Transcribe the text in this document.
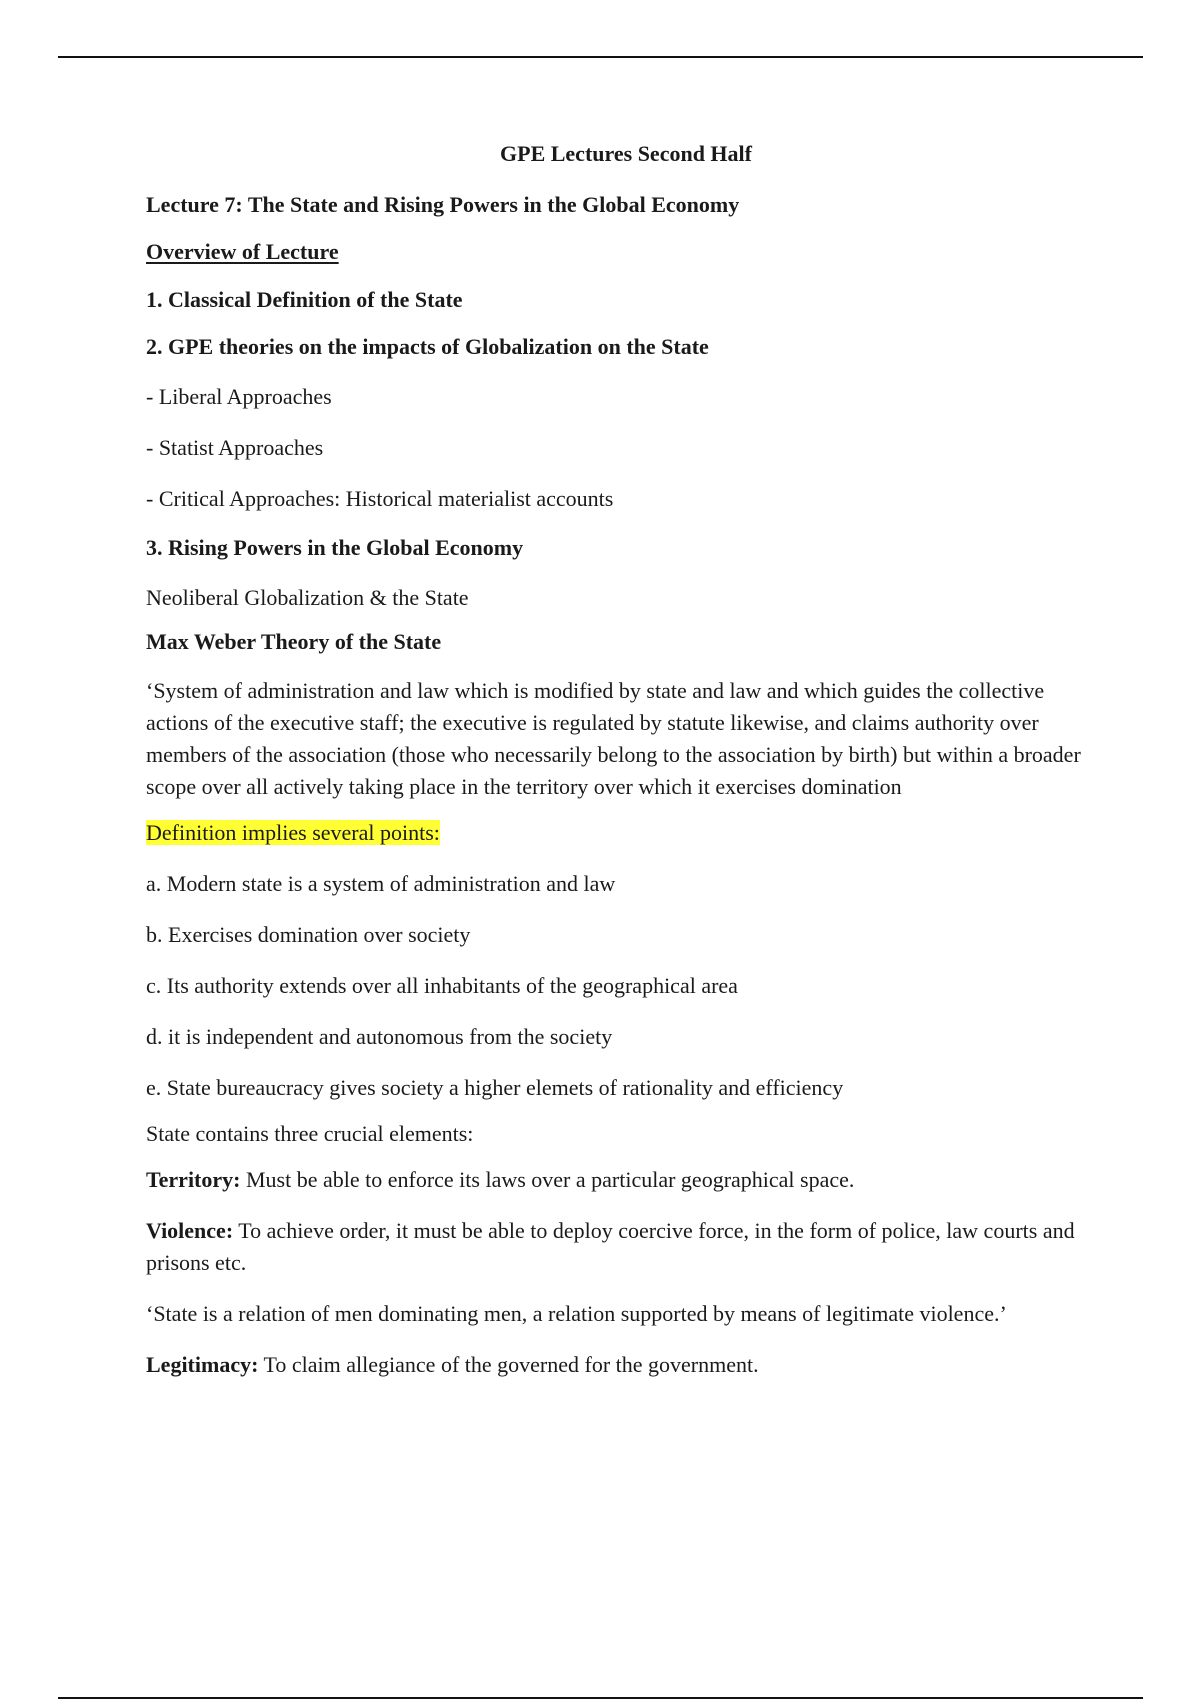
GPE Lectures Second Half
Lecture 7: The State and Rising Powers in the Global Economy
Overview of Lecture
1. Classical Definition of the State
2. GPE theories on the impacts of Globalization on the State
- Liberal Approaches
- Statist Approaches
- Critical Approaches: Historical materialist accounts
3. Rising Powers in the Global Economy
Neoliberal Globalization & the State
Max Weber Theory of the State
‘System of administration and law which is modified by state and law and which guides the collective actions of the executive staff; the executive is regulated by statute likewise, and claims authority over members of the association (those who necessarily belong to the association by birth) but within a broader scope over all actively taking place in the territory over which it exercises domination
Definition implies several points:
a. Modern state is a system of administration and law
b. Exercises domination over society
c. Its authority extends over all inhabitants of the geographical area
d. it is independent and autonomous from the society
e. State bureaucracy gives society a higher elemets of rationality and efficiency
State contains three crucial elements:
Territory: Must be able to enforce its laws over a particular geographical space.
Violence: To achieve order, it must be able to deploy coercive force, in the form of police, law courts and prisons etc.
‘State is a relation of men dominating men, a relation supported by means of legitimate violence.’
Legitimacy: To claim allegiance of the governed for the government.
